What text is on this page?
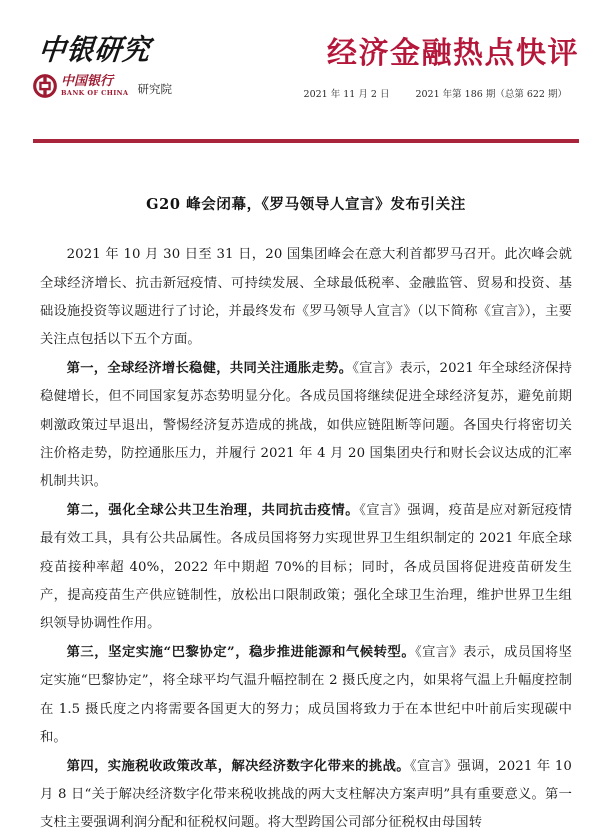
中银研究
中国银行
BANK OF CHINA 研究院
经济金融热点快评
2021 年 11 月 2 日	2021 年第 186 期（总第 622 期）
G20 峰会闭幕，《罗马领导人宣言》发布引关注

2021 年 10 月 30 日至 31 日，20 国集团峰会在意大利首都罗马召开。此次峰会就全球经济增长、抗击新冠疫情、可持续发展、全球最低税率、金融监管、贸易和投资、基础设施投资等议题进行了讨论，并最终发布《罗马领导人宣言》（以下简称《宣言》），主要关注点包括以下五个方面。

第一，全球经济增长稳健，共同关注通胀走势。《宣言》表示，2021 年全球经济保持稳健增长，但不同国家复苏态势明显分化。各成员国将继续促进全球经济复苏，避免前期刺激政策过早退出，警惕经济复苏造成的挑战，如供应链阻断等问题。各国央行将密切关注价格走势，防控通胀压力，并履行 2021 年 4 月 20 国集团央行和财长会议达成的汇率机制共识。

第二，强化全球公共卫生治理，共同抗击疫情。《宣言》强调，疫苗是应对新冠疫情最有效工具，具有公共品属性。各成员国将努力实现世界卫生组织制定的 2021 年底全球疫苗接种率超 40%，2022 年中期超 70%的目标；同时，各成员国将促进疫苗研发生产，提高疫苗生产供应链制性，放松出口限制政策；强化全球卫生治理，维护世界卫生组织领导协调性作用。

第三，坚定实施“巴黎协定”，稳步推进能源和气候转型。《宣言》表示，成员国将坚定实施“巴黎协定”，将全球平均气温升幅控制在 2 摄氏度之内，如果将气温上升幅度控制在 1.5 摄氏度之内将需要各国更大的努力；成员国将致力于在本世纪中叶前后实现碳中和。

第四，实施税收政策改革，解决经济数字化带来的挑战。《宣言》强调，2021 年 10 月 8 日“关于解决经济数字化带来税收挑战的两大支柱解决方案声明”具有重要意义。第一支柱主要强调利润分配和征税权问题。将大型跨国公司部分征税权由母国转
